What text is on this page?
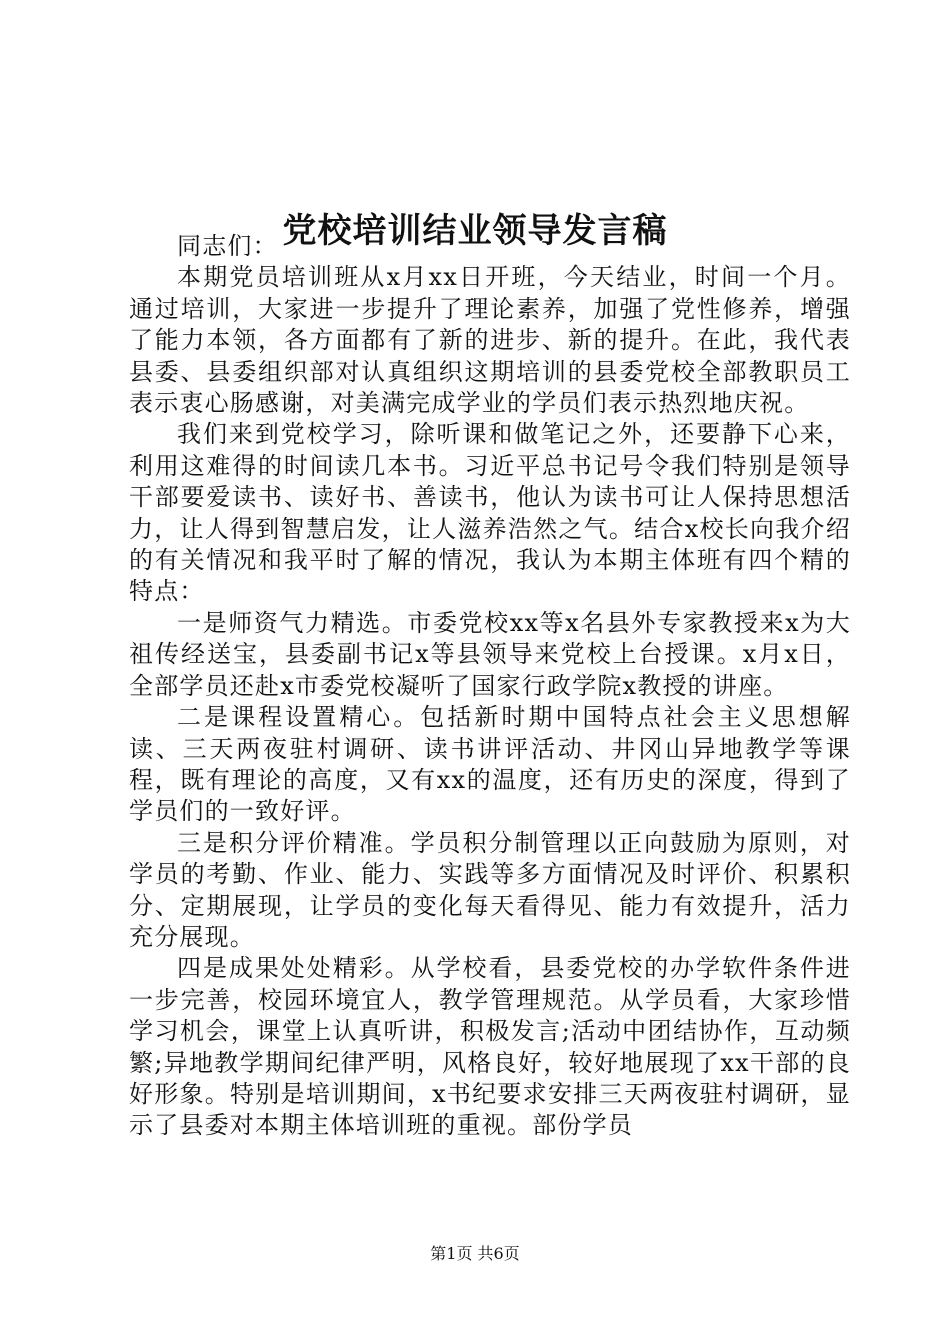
党校培训结业领导发言稿

同志们：

本期党员培训班从x月xx日开班，今天结业，时间一个月。通过培训，大家进一步提升了理论素养，加强了党性修养，增强了能力本领，各方面都有了新的进步、新的提升。在此，我代表县委、县委组织部对认真组织这期培训的县委党校全部教职员工表示衷心肠感谢，对美满完成学业的学员们表示热烈地庆祝。

我们来到党校学习，除听课和做笔记之外，还要静下心来，利用这难得的时间读几本书。习近平总书记号令我们特别是领导干部要爱读书、读好书、善读书，他认为读书可让人保持思想活力，让人得到智慧启发，让人滋养浩然之气。结合x校长向我介绍的有关情况和我平时了解的情况，我认为本期主体班有四个精的特点：

一是师资气力精选。市委党校xx等x名县外专家教授来x为大祖传经送宝，县委副书记x等县领导来党校上台授课。x月x日，全部学员还赴x市委党校凝听了国家行政学院x教授的讲座。

二是课程设置精心。包括新时期中国特点社会主义思想解读、三天两夜驻村调研、读书讲评活动、井冈山异地教学等课程，既有理论的高度，又有xx的温度，还有历史的深度，得到了学员们的一致好评。

三是积分评价精准。学员积分制管理以正向鼓励为原则，对学员的考勤、作业、能力、实践等多方面情况及时评价、积累积分、定期展现，让学员的变化每天看得见、能力有效提升，活力充分展现。

四是成果处处精彩。从学校看，县委党校的办学软件条件进一步完善，校园环境宜人，教学管理规范。从学员看，大家珍惜学习机会，课堂上认真听讲，积极发言;活动中团结协作，互动频繁;异地教学期间纪律严明，风格良好，较好地展现了xx干部的良好形象。特别是培训期间，x书纪要求安排三天两夜驻村调研，显示了县委对本期主体培训班的重视。部份学员

第1页 共6页
